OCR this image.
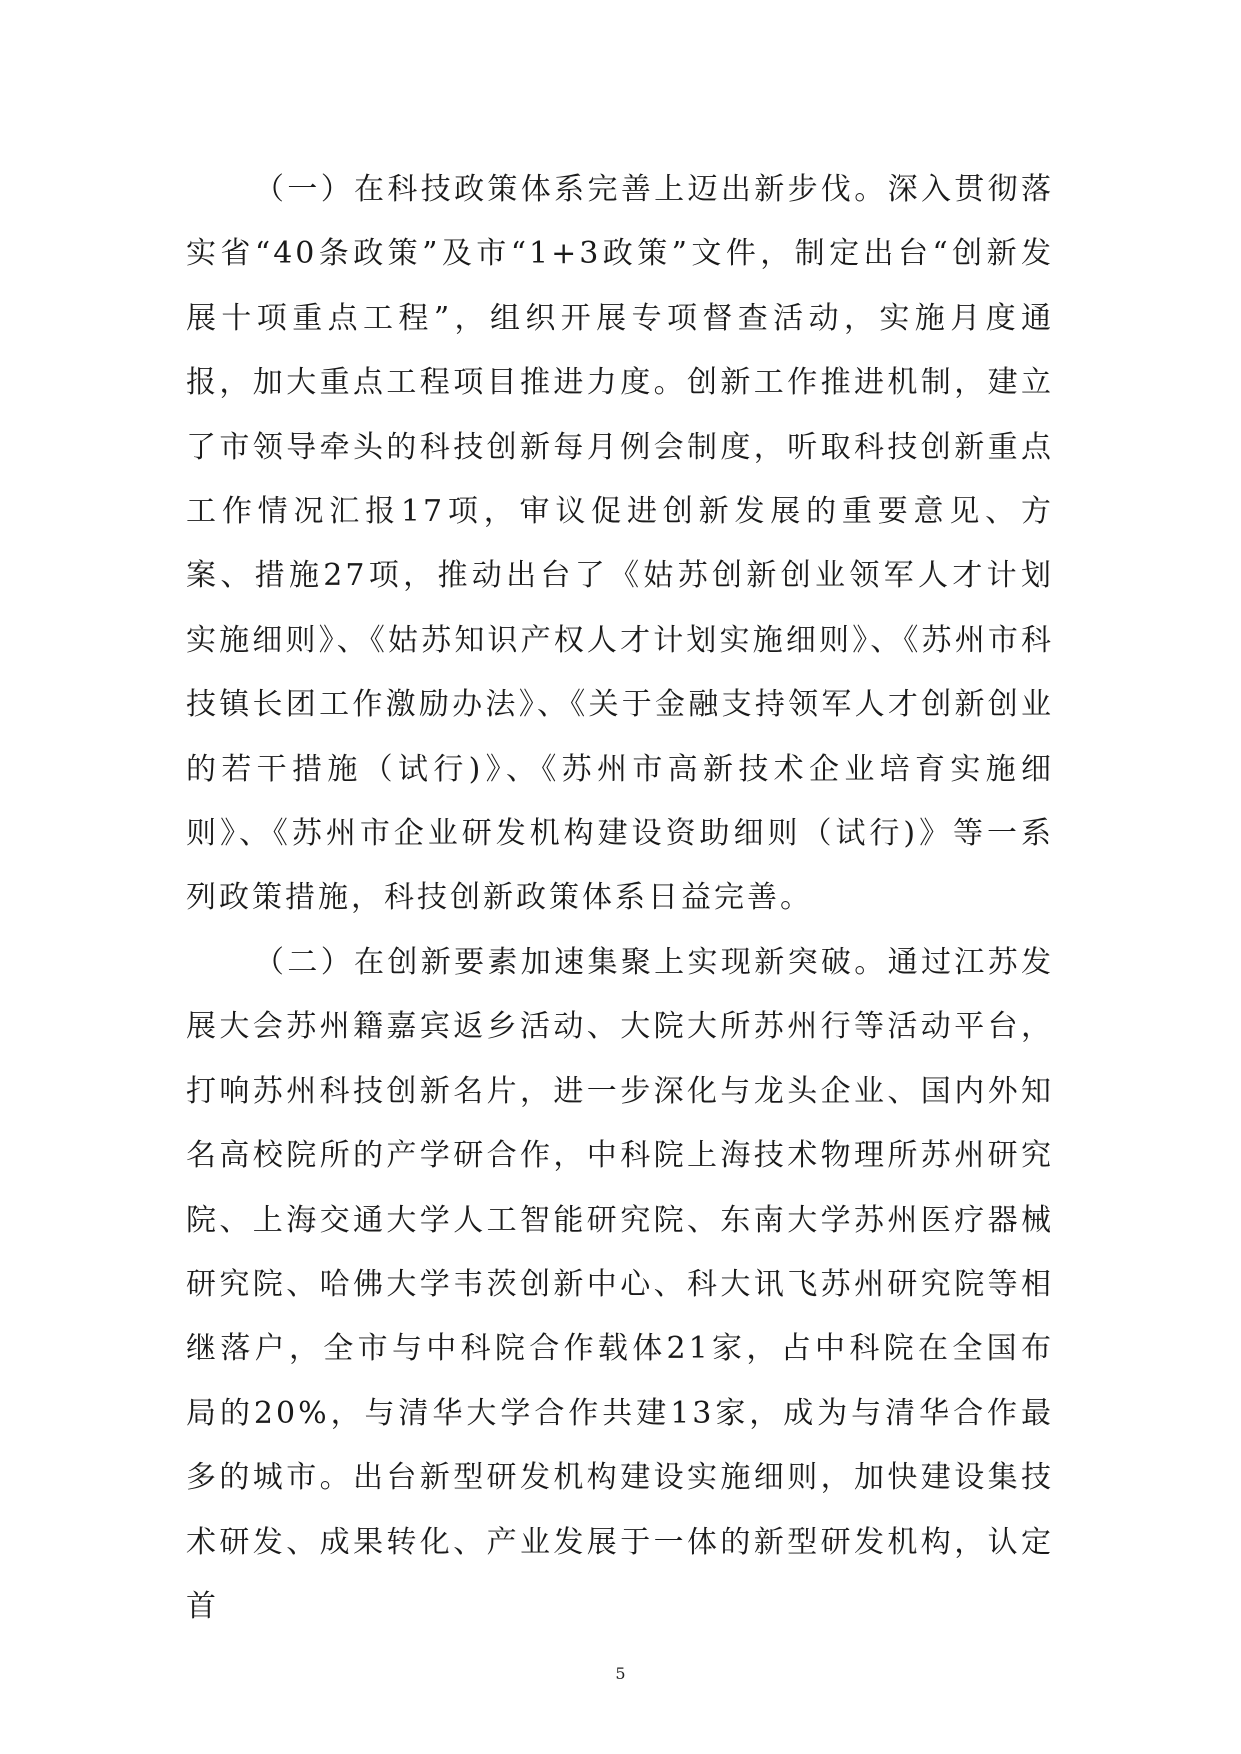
（一）在科技政策体系完善上迈出新步伐。深入贯彻落实省“40条政策”及市“1+3政策”文件，制定出台“创新发展十项重点工程”，组织开展专项督查活动，实施月度通报，加大重点工程项目推进力度。创新工作推进机制，建立了市领导牵头的科技创新每月例会制度，听取科技创新重点工作情况汇报17项，审议促进创新发展的重要意见、方案、措施27项，推动出台了《姑苏创新创业领军人才计划实施细则》、《姑苏知识产权人才计划实施细则》、《苏州市科技镇长团工作激励办法》、《关于金融支持领军人才创新创业的若干措施（试行)》、《苏州市高新技术企业培育实施细则》、《苏州市企业研发机构建设资助细则（试行)》等一系列政策措施，科技创新政策体系日益完善。

（二）在创新要素加速集聚上实现新突破。通过江苏发展大会苏州籍嘉宾返乡活动、大院大所苏州行等活动平台，打响苏州科技创新名片，进一步深化与龙头企业、国内外知名高校院所的产学研合作，中科院上海技术物理所苏州研究院、上海交通大学人工智能研究院、东南大学苏州医疗器械研究院、哈佛大学韦茨创新中心、科大讯飞苏州研究院等相继落户，全市与中科院合作载体21家，占中科院在全国布局的20%，与清华大学合作共建13家，成为与清华合作最多的城市。出台新型研发机构建设实施细则，加快建设集技术研发、成果转化、产业发展于一体的新型研发机构，认定首

5
